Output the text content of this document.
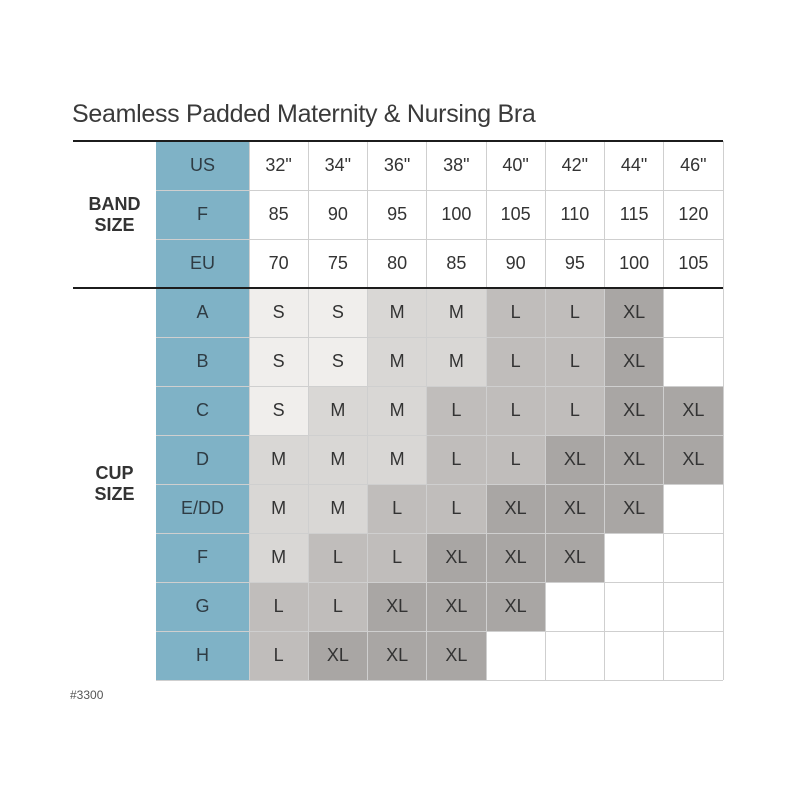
Seamless Padded Maternity & Nursing Bra
BAND
SIZE
CUP
SIZE
US	32"	34"	36"	38"	40"	42"	44"	46"
F	85	90	95	100	105	110	115	120
EU	70	75	80	85	90	95	100	105
A	S	S	M	M	L	L	XL
B	S	S	M	M	L	L	XL
C	S	M	M	L	L	L	XL	XL
D	M	M	M	L	L	XL	XL	XL
E/DD	M	M	L	L	XL	XL	XL
F	M	L	L	XL	XL	XL
G	L	L	XL	XL	XL
H	L	XL	XL	XL
#3300
